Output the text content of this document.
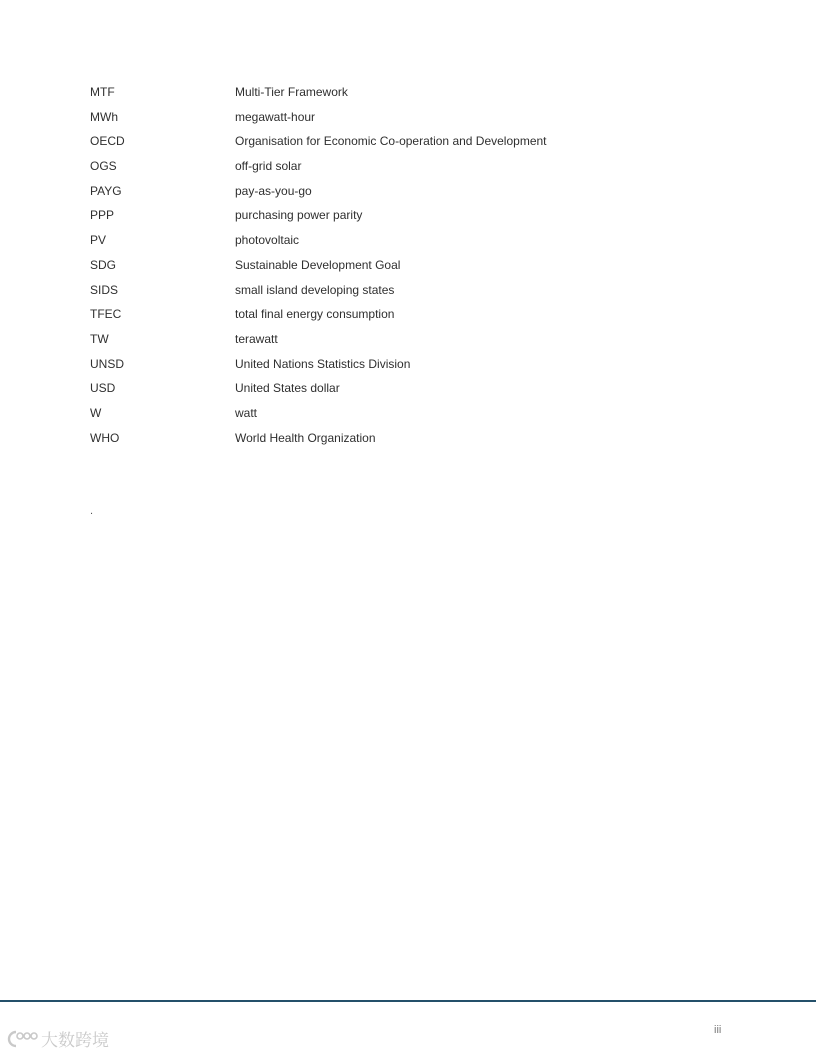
MTF	Multi-Tier Framework
MWh	megawatt-hour
OECD	Organisation for Economic Co-operation and Development
OGS	off-grid solar
PAYG	pay-as-you-go
PPP	purchasing power parity
PV	photovoltaic
SDG	Sustainable Development Goal
SIDS	small island developing states
TFEC	total final energy consumption
TW	terawatt
UNSD	United Nations Statistics Division
USD	United States dollar
W	watt
WHO	World Health Organization
.
iii
大数跨境
